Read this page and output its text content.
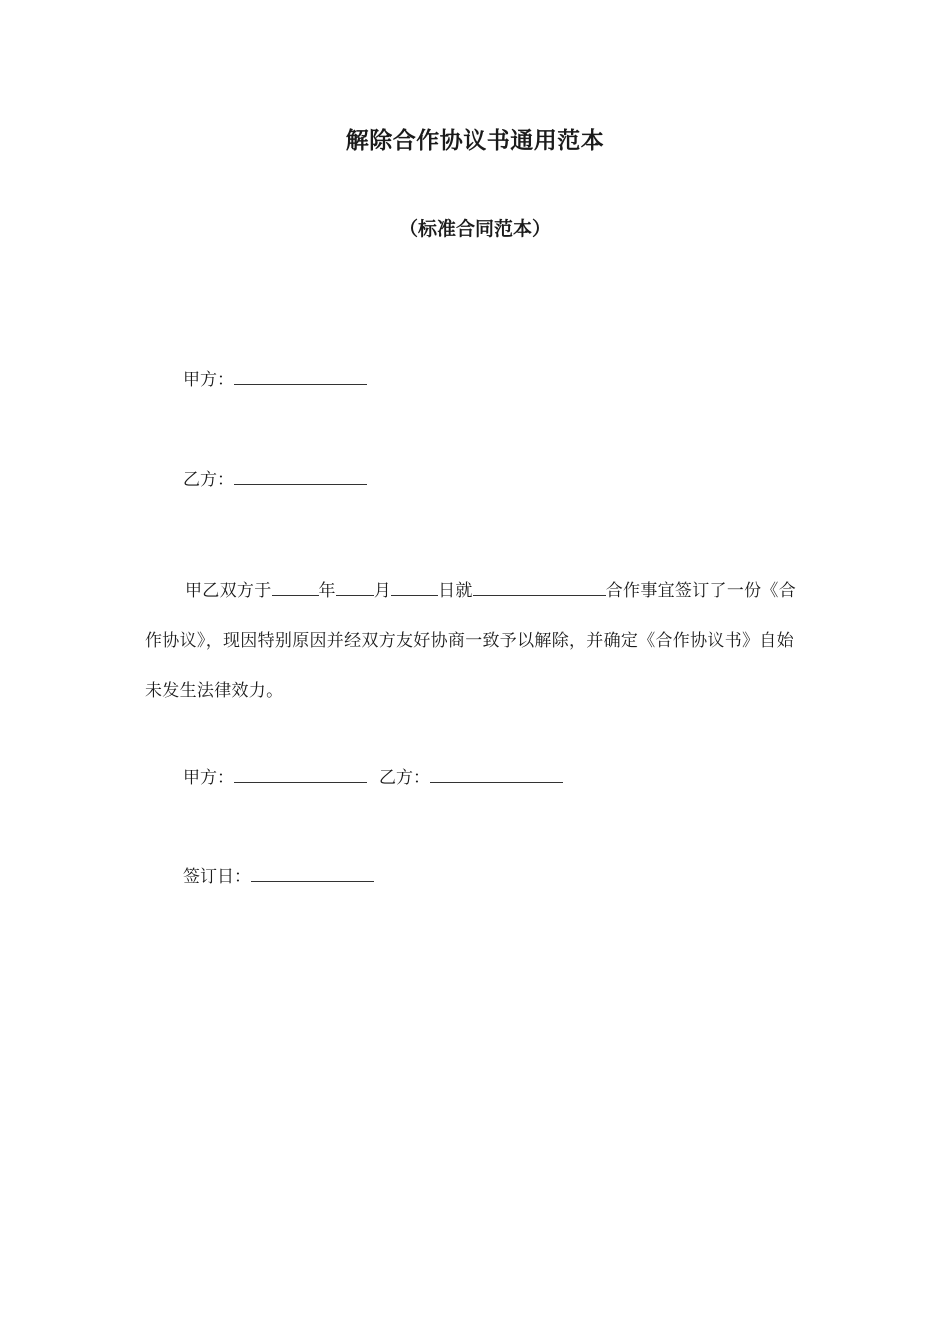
解除合作协议书通用范本
（标准合同范本）
甲方：
乙方：
甲乙双方于	年 月	日就	合作事宜签订了一份《合作协议》，现因特别原因并经双方友好协商一致予以解除，并确定《合作协议书》自始未发生法律效力。
甲方：	乙方：
签订日：
